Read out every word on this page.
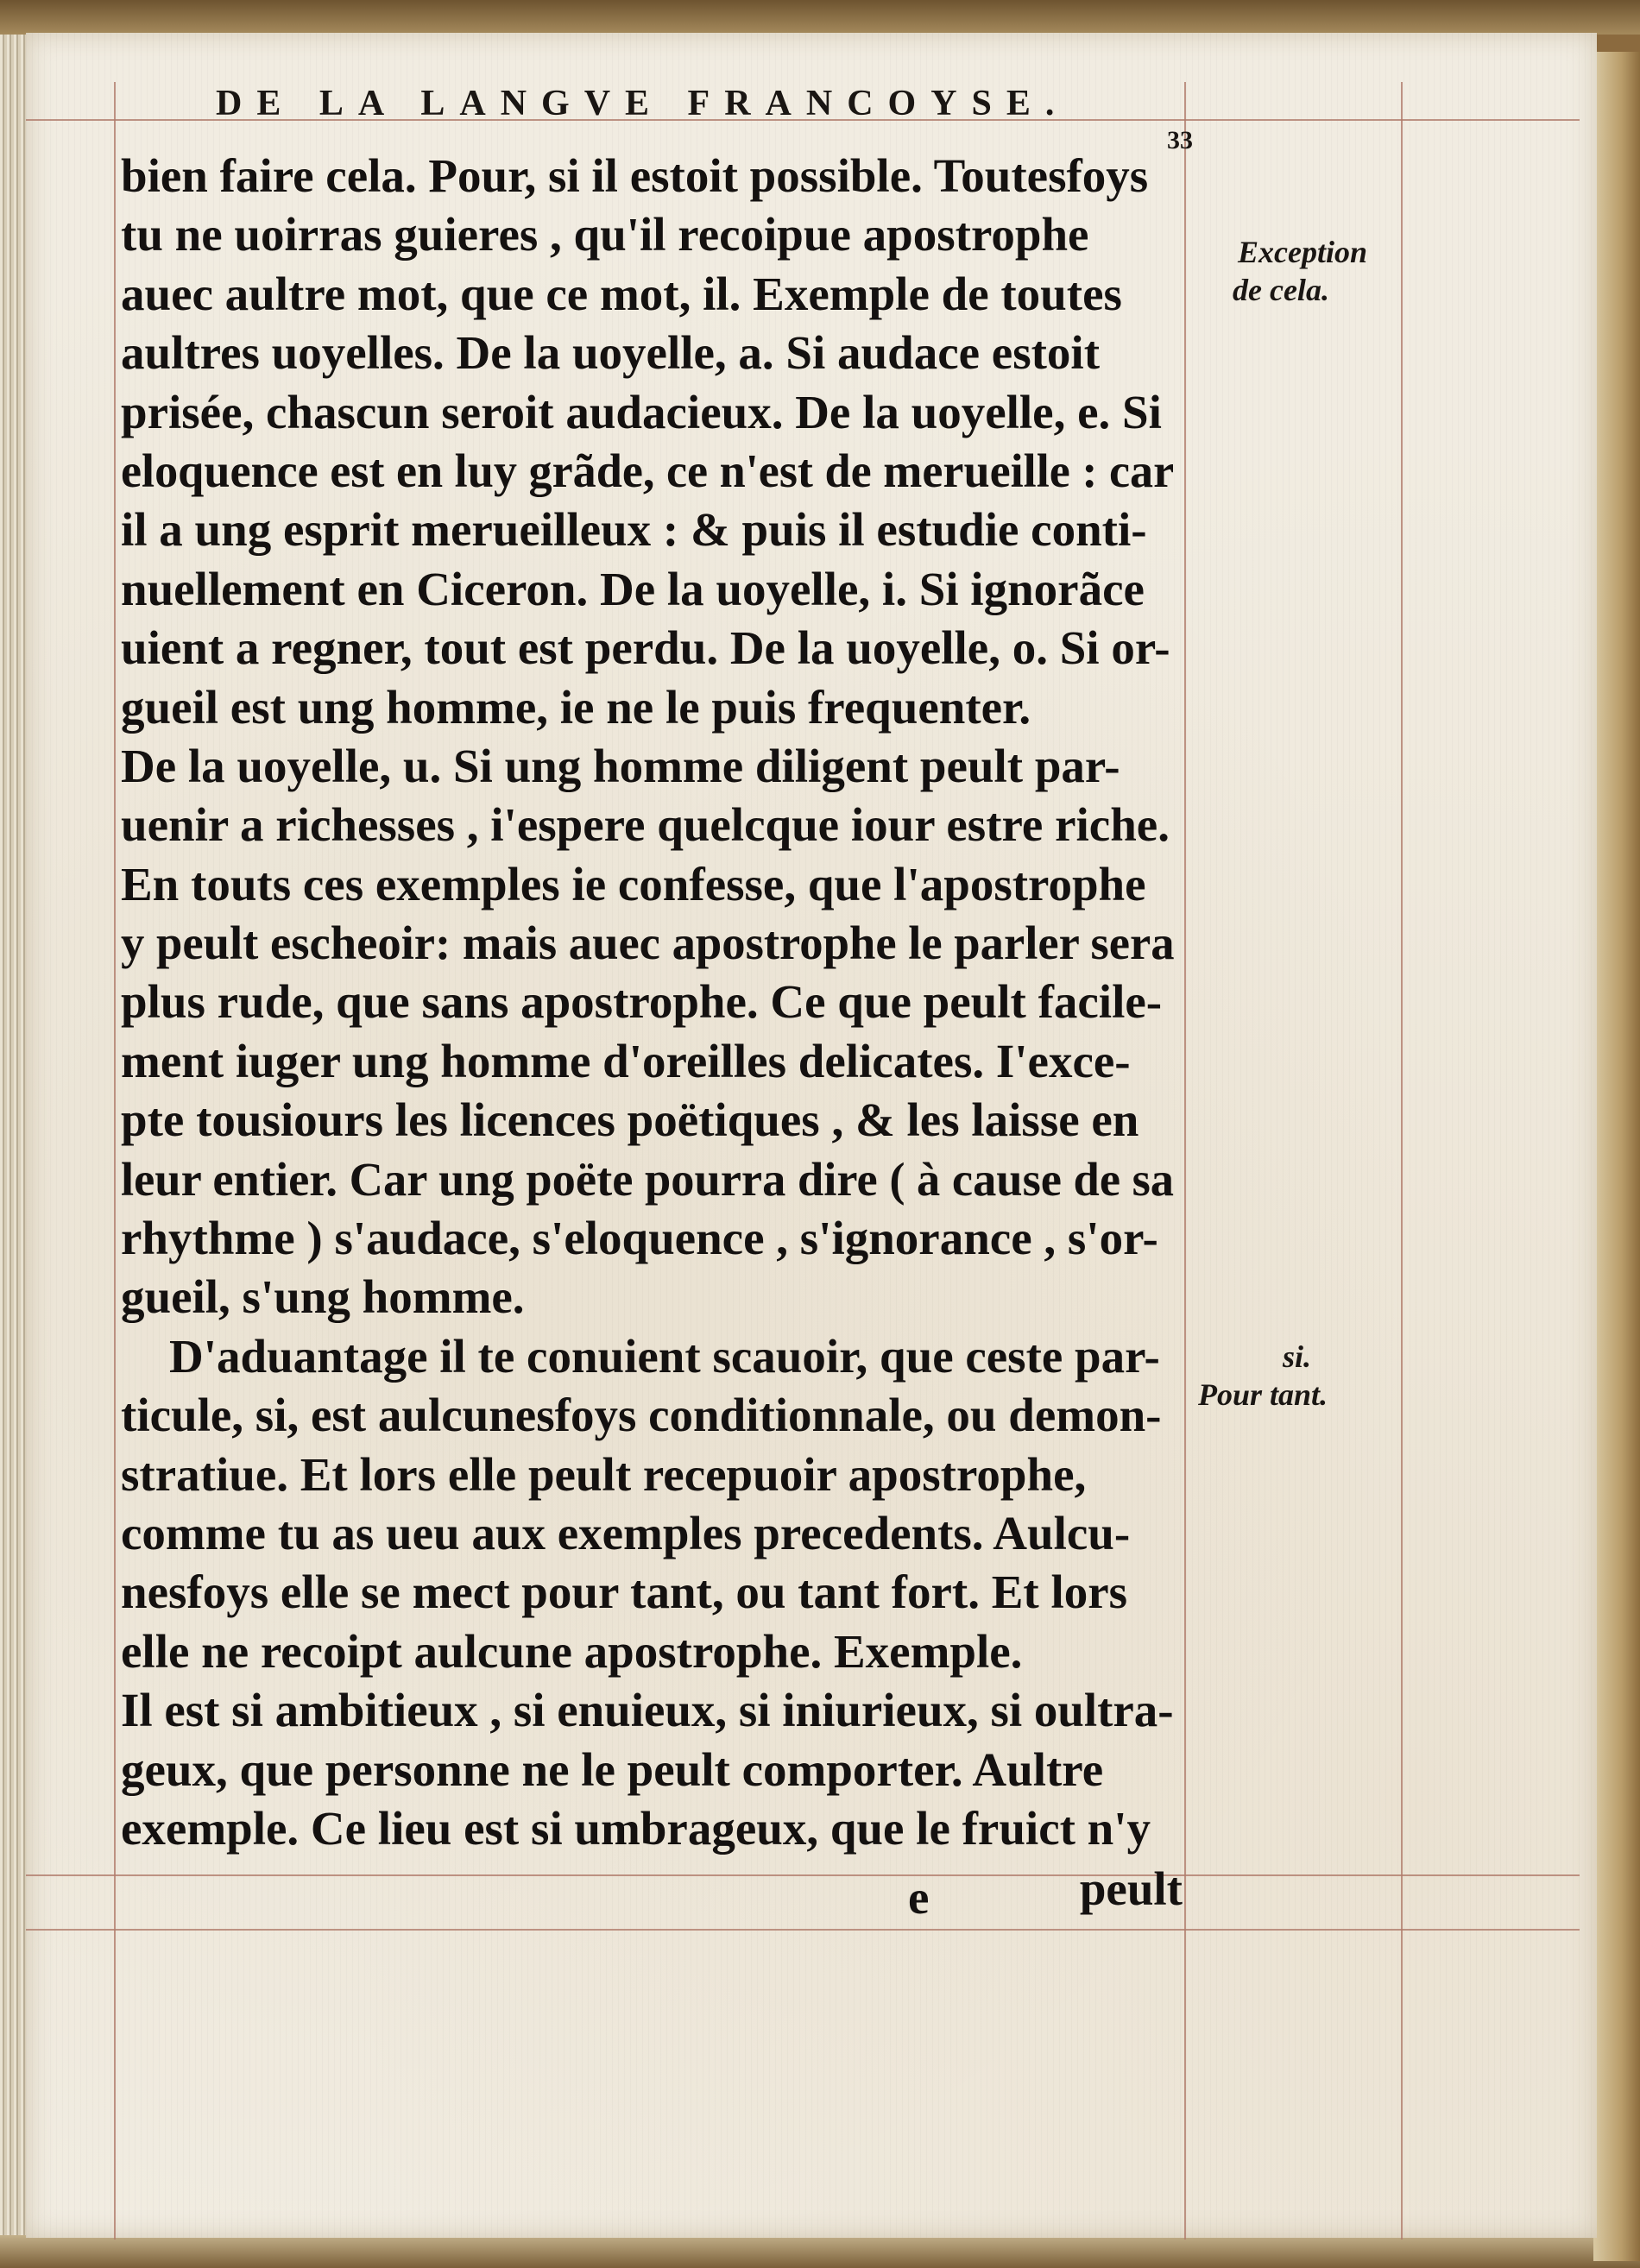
DE LA LANGVE FRANCOYSE.
33
bien faire cela. Pour, si il estoit possible. Toutesfoys
tu ne uoirras guieres , qu'il recoipue apostrophe
auec aultre mot, que ce mot, il. Exemple de toutes
aultres uoyelles. De la uoyelle, a. Si audace estoit
prisée, chascun seroit audacieux. De la uoyelle, e. Si
eloquence est en luy grãde, ce n'est de merueille : car
il a ung esprit merueilleux : & puis il estudie conti-
nuellement en Ciceron. De la uoyelle, i. Si ignorãce
uient a regner, tout est perdu. De la uoyelle, o. Si or-
gueil est ung homme, ie ne le puis frequenter.
De la uoyelle, u. Si ung homme diligent peult par-
uenir a richesses , i'espere quelcque iour estre riche.
En touts ces exemples ie confesse, que l'apostrophe
y peult escheoir: mais auec apostrophe le parler sera
plus rude, que sans apostrophe. Ce que peult facile-
ment iuger ung homme d'oreilles delicates. I'exce-
pte tousiours les licences poëtiques , & les laisse en
leur entier. Car ung poëte pourra dire ( à cause de sa
rhythme ) s'audace, s'eloquence , s'ignorance , s'or-
gueil, s'ung homme.
D'aduantage il te conuient scauoir, que ceste par-
ticule, si, est aulcunesfoys conditionnale, ou demon-
stratiue. Et lors elle peult recepuoir apostrophe,
comme tu as ueu aux exemples precedents. Aulcu-
nesfoys elle se mect pour tant, ou tant fort. Et lors
elle ne recoipt aulcune apostrophe. Exemple.
Il est si ambitieux , si enuieux, si iniurieux, si oultra-
geux, que personne ne le peult comporter. Aultre
exemple. Ce lieu est si umbrageux, que le fruict n'y
e	peult
Exception
de cela.
si.
Pour tant.
